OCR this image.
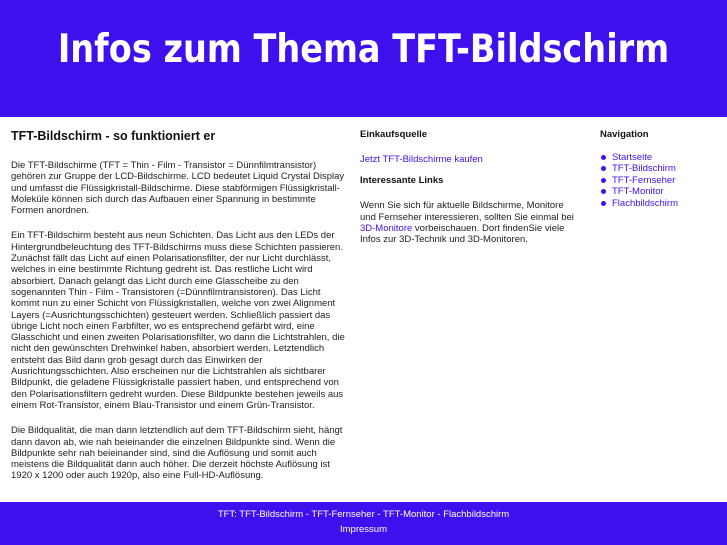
Infos zum Thema TFT-Bildschirm
TFT-Bildschirm - so funktioniert er

Die TFT-Bildschirme (TFT = Thin - Film - Transistor = Dünnfilmtransistor) gehören zur Gruppe der LCD-Bildschirme. LCD bedeutet Liquid Crystal Display und umfasst die Flüssigkristall-Bildschirme. Diese stabförmigen Flüssigkristall-Moleküle können sich durch das Aufbauen einer Spannung in bestimmte Formen anordnen.

Ein TFT-Bildschirm besteht aus neun Schichten. Das Licht aus den LEDs der Hintergrundbeleuchtung des TFT-Bildschirms muss diese Schichten passieren. Zunächst fällt das Licht auf einen Polarisationsfilter, der nur Licht durchlässt, welches in eine bestimmte Richtung gedreht ist. Das restliche Licht wird absorbiert. Danach gelangt das Licht durch eine Glasscheibe zu den sogenannten Thin - Film - Transistoren (=Dünnfilmtransistoren). Das Licht kommt nun zu einer Schicht von Flüssigkristallen, welche von zwei Alignment Layers (=Ausrichtungsschichten) gesteuert werden. Schließlich passiert das übrige Licht noch einen Farbfilter, wo es entsprechend gefärbt wird, eine Glasschicht und einen zweiten Polarisationsfilter, wo dann die Lichtstrahlen, die nicht den gewünschten Drehwinkel haben, absorbiert werden. Letztendlich entsteht das Bild dann grob gesagt durch das Einwirken der Ausrichtungsschichten. Also erscheinen nur die Lichtstrahlen als sichtbarer Bildpunkt, die geladene Flüssigkristalle passiert haben, und entsprechend von den Polarisationsfiltern gedreht wurden. Diese Bildpunkte bestehen jeweils aus einem Rot-Transistor, einem Blau-Transistor und einem Grün-Transistor.

Die Bildqualität, die man dann letztendlich auf dem TFT-Bildschirm sieht, hängt dann davon ab, wie nah beieinander die einzelnen Bildpunkte sind. Wenn die Bildpunkte sehr nah beieinander sind, sind die Auflösung und somit auch meistens die Bildqualität dann auch höher. Die derzeit höchste Auflösung ist 1920 x 1200 oder auch 1920p, also eine Full-HD-Auflösung.

Einkaufsquelle
Jetzt TFT-Bildschirme kaufen
Interessante Links

Wenn Sie sich für aktuelle Bildschirme, Monitore und Fernseher interessieren, sollten Sie einmal bei 3D-Monitore vorbeischauen. Dort findenSie viele Infos zur 3D-Technik und 3D-Monitoren.

Navigation
Startseite
TFT-Bildschirm
TFT-Fernseher
TFT-Monitor
Flachbildschirm
TFT: TFT-Bildschirm - TFT-Fernseher - TFT-Monitor - Flachbildschirm
Impressum
